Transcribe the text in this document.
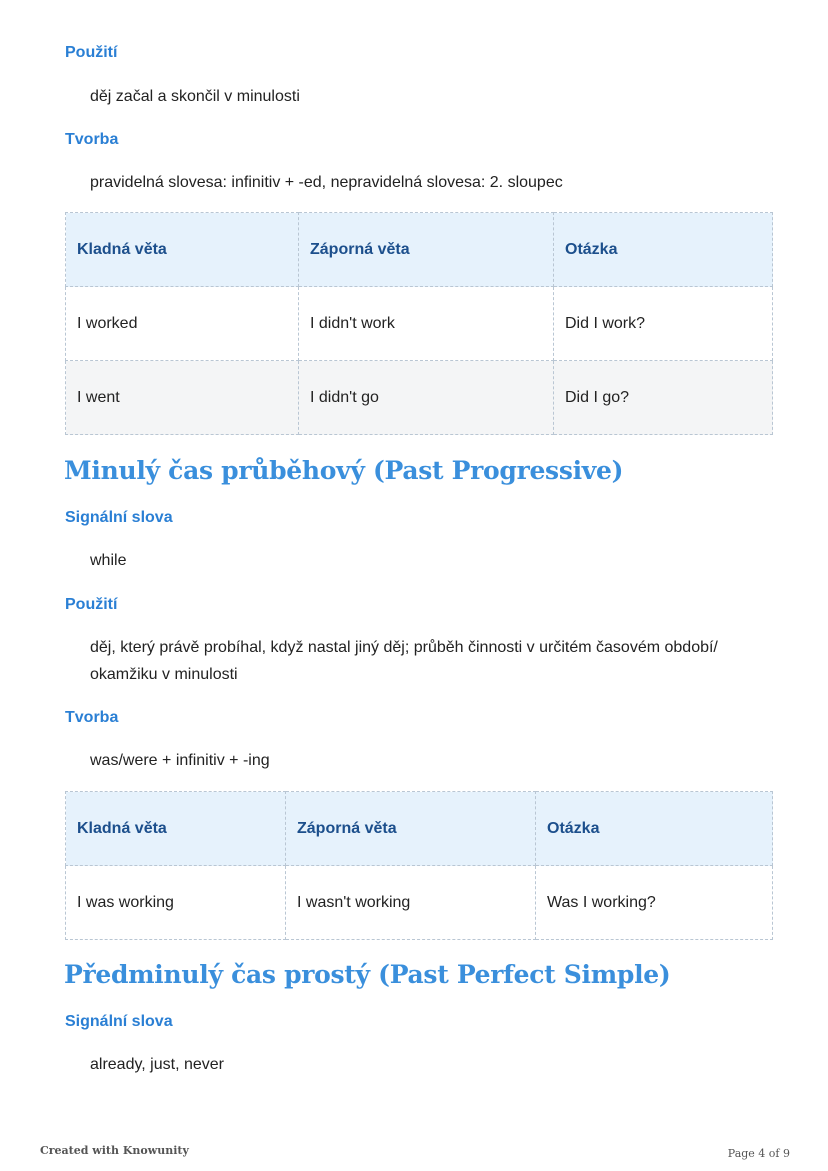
Použití
děj začal a skončil v minulosti
Tvorba
pravidelná slovesa: infinitiv + -ed, nepravidelná slovesa: 2. sloupec
Kladná věta	Záporná věta	Otázka
I worked	I didn't work	Did I work?
I went	I didn't go	Did I go?
Minulý čas průběhový (Past Progressive)
Signální slova
while
Použití
děj, který právě probíhal, když nastal jiný děj; průběh činnosti v určitém časovém období/ okamžiku v minulosti
Tvorba
was/were + infinitiv + -ing
Kladná věta	Záporná věta	Otázka
I was working	I wasn't working	Was I working?
Předminulý čas prostý (Past Perfect Simple)
Signální slova
already, just, never
Created with Knowunity	Page 4 of 9
